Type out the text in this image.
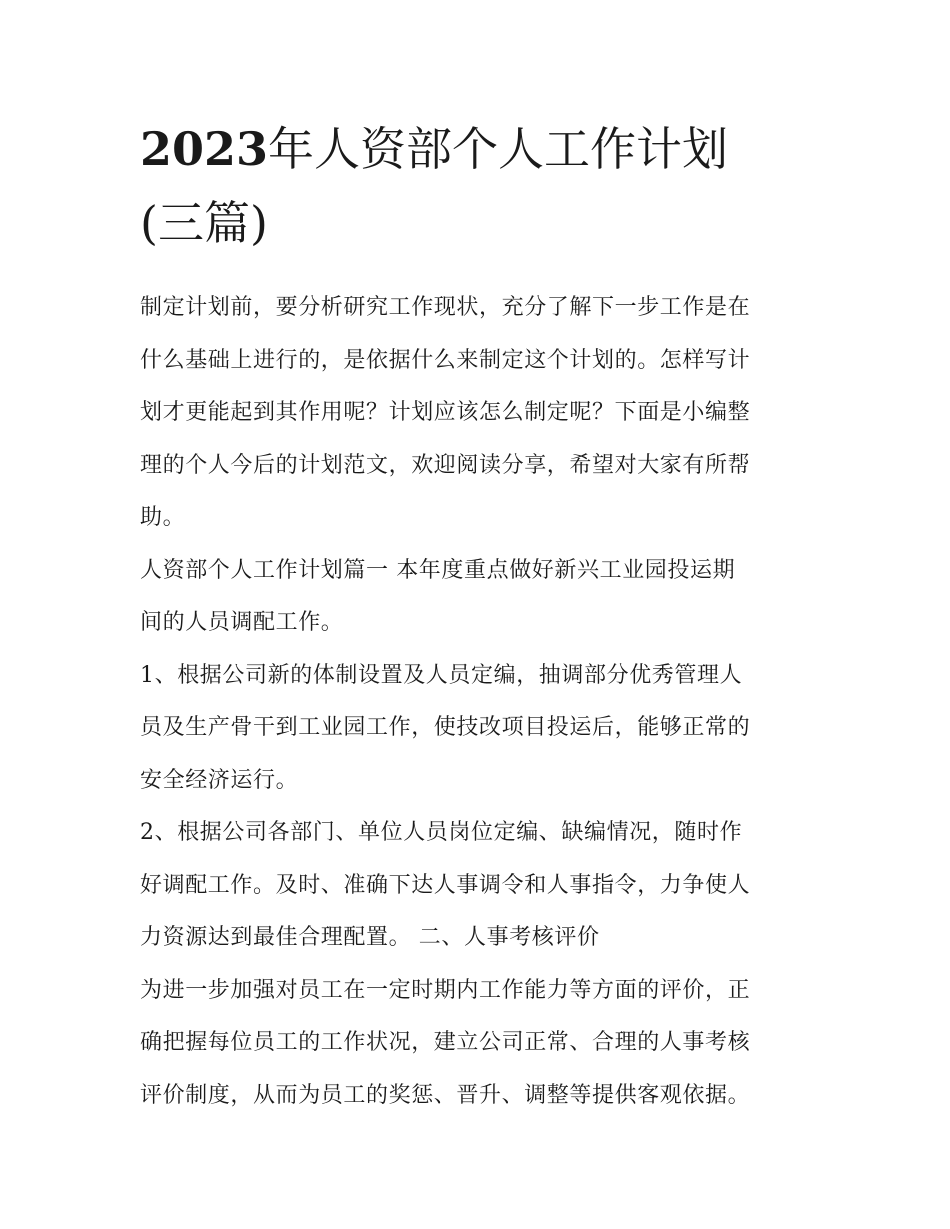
2023年人资部个人工作计划
(三篇)

制定计划前，要分析研究工作现状，充分了解下一步工作是在
什么基础上进行的，是依据什么来制定这个计划的。怎样写计
划才更能起到其作用呢？计划应该怎么制定呢？下面是小编整
理的个人今后的计划范文，欢迎阅读分享，希望对大家有所帮
助。

人资部个人工作计划篇一 本年度重点做好新兴工业园投运期
间的人员调配工作。

1、根据公司新的体制设置及人员定编，抽调部分优秀管理人
员及生产骨干到工业园工作，使技改项目投运后，能够正常的
安全经济运行。

2、根据公司各部门、单位人员岗位定编、缺编情况，随时作
好调配工作。及时、准确下达人事调令和人事指令，力争使人
力资源达到最佳合理配置。 二、人事考核评价

为进一步加强对员工在一定时期内工作能力等方面的评价，正
确把握每位员工的工作状况，建立公司正常、合理的人事考核
评价制度，从而为员工的奖惩、晋升、调整等提供客观依据。
